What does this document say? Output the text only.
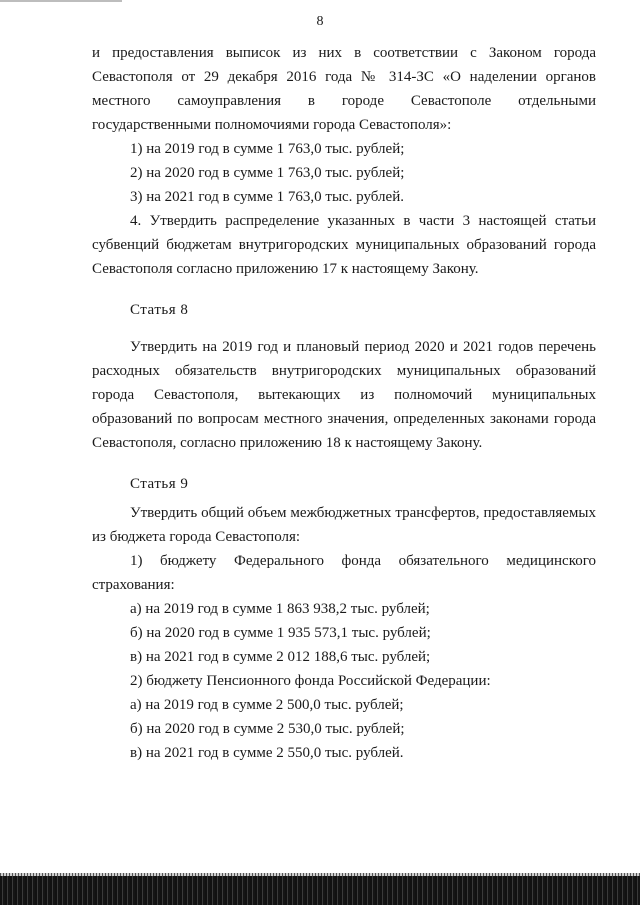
8
и предоставления выписок из них в соответствии с Законом города
Севастополя от 29 декабря 2016 года № 314-ЗС «О наделении органов
местного самоуправления в городе Севастополе отдельными
государственными полномочиями города Севастополя»:
1) на 2019 год в сумме 1 763,0 тыс. рублей;
2) на 2020 год в сумме 1 763,0 тыс. рублей;
3) на 2021 год в сумме 1 763,0 тыс. рублей.
4. Утвердить распределение указанных в части 3 настоящей статьи
субвенций бюджетам внутригородских муниципальных образований города
Севастополя согласно приложению 17 к настоящему Закону.
Статья 8
Утвердить на 2019 год и плановый период 2020 и 2021 годов перечень
расходных обязательств внутригородских муниципальных образований
города Севастополя, вытекающих из полномочий муниципальных
образований по вопросам местного значения, определенных законами города
Севастополя, согласно приложению 18 к настоящему Закону.
Статья 9
Утвердить общий объем межбюджетных трансфертов, предоставляемых
из бюджета города Севастополя:
1) бюджету Федерального фонда обязательного медицинского
страхования:
а) на 2019 год в сумме 1 863 938,2 тыс. рублей;
б) на 2020 год в сумме 1 935 573,1 тыс. рублей;
в) на 2021 год в сумме 2 012 188,6 тыс. рублей;
2) бюджету Пенсионного фонда Российской Федерации:
а) на 2019 год в сумме 2 500,0 тыс. рублей;
б) на 2020 год в сумме 2 530,0 тыс. рублей;
в) на 2021 год в сумме 2 550,0 тыс. рублей.
